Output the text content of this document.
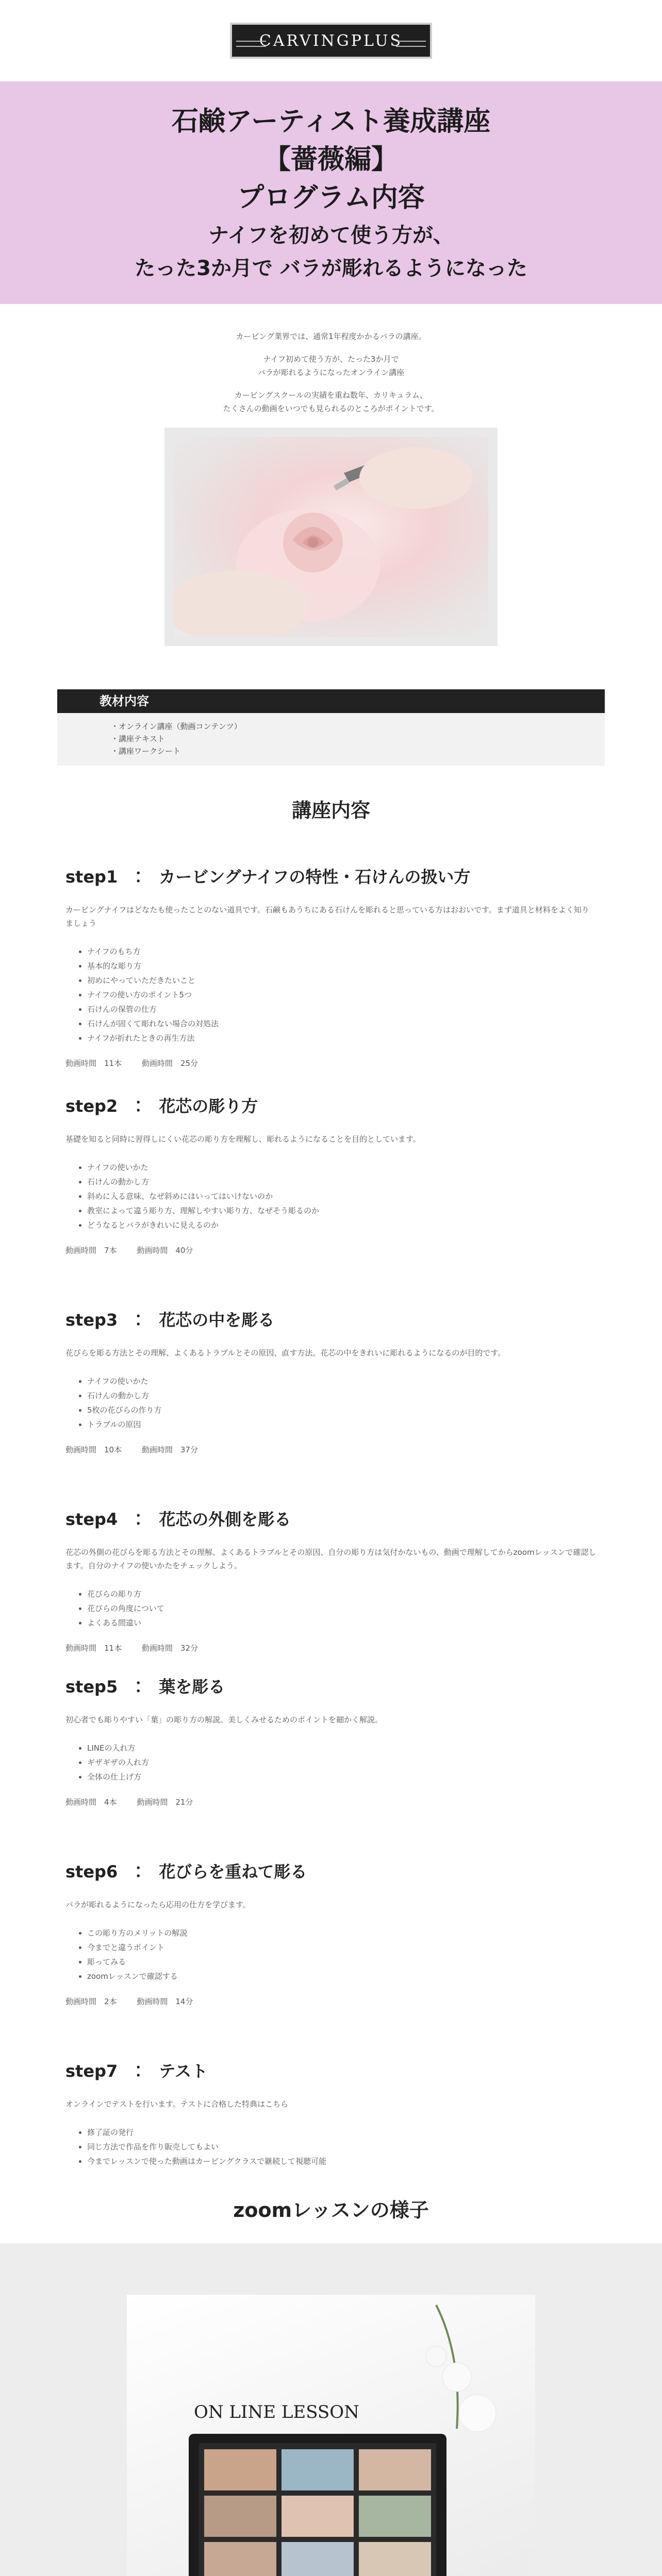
CARVINGPLUS
石鹸アーティスト養成講座
【薔薇編】
プログラム内容
ナイフを初めて使う方が、
たった3か月で バラが彫れるようになった

カービング業界では、通常1年程度かかるバラの講座。

ナイフ初めて使う方が、たった3か月で
バラが彫れるようになったオンライン講座

カービングスクールの実績を重ね数年、カリキュラム、
たくさんの動画をいつでも見られるのところがポイントです。

教材内容
・オンライン講座（動画コンテンツ）
・講座テキスト
・講座ワークシート
講座内容
step1　：　カービングナイフの特性・石けんの扱い方

カービングナイフはどなたも使ったことのない道具です。石鹸もあうちにある石けんを彫れると思っている方はおおいです。まず道具と材料をよく知りましょう

• ナイフのもち方
• 基本的な彫り方
• 初めにやっていただきたいこと
• ナイフの使い方のポイント5つ
• 石けんの保管の仕方
• 石けんが固くて彫れない場合の対処法
• ナイフが折れたときの再生方法
動画時間　11本	動画時間　25分
step2　：　花芯の彫り方

基礎を知ると同時に習得しにくい花芯の彫り方を理解し、彫れるようになることを目的としています。

• ナイフの使いかた
• 石けんの動かし方
• 斜めに入る意味、なぜ斜めにはいってはいけないのか
• 教室によって違う彫り方、理解しやすい彫り方、なぜそう彫るのか
• どうなるとバラがきれいに見えるのか
動画時間　7本	動画時間　40分
step3　：　花芯の中を彫る

花びらを彫る方法とその理解、よくあるトラブルとその原因、直す方法。花芯の中をきれいに彫れるようになるのが目的です。

• ナイフの使いかた
• 石けんの動かし方
• 5枚の花びらの作り方
• トラブルの原因
動画時間　10本	動画時間　37分
step4　：　花芯の外側を彫る

花芯の外側の花びらを彫る方法とその理解、よくあるトラブルとその原因、自分の彫り方は気付かないもの、動画で理解してからzoomレッスンで確認します。自分のナイフの使いかたをチェックしよう。

• 花びらの彫り方
• 花びらの角度について
• よくある間違い
動画時間　11本	動画時間　32分
step5　：　葉を彫る

初心者でも彫りやすい「葉」の彫り方の解説。美しくみせるためのポイントを細かく解説。

• LINEの入れ方
• ギザギザの入れ方
• 全体の仕上げ方
動画時間　4本	動画時間　21分
step6　：　花びらを重ねて彫る

バラが彫れるようになったら応用の仕方を学びます。

• この彫り方のメリットの解説
• 今までと違うポイント
• 彫ってみる
• zoomレッスンで確認する
動画時間　2本	動画時間　14分
step7　：　テスト

オンラインでテストを行います。テストに合格した特典はこちら

• 修了証の発行
• 同じ方法で作品を作り販売してもよい
• 今までレッスンで使った動画はカービングクラスで継続して視聴可能
zoomレッスンの様子
ON LINE LESSON
